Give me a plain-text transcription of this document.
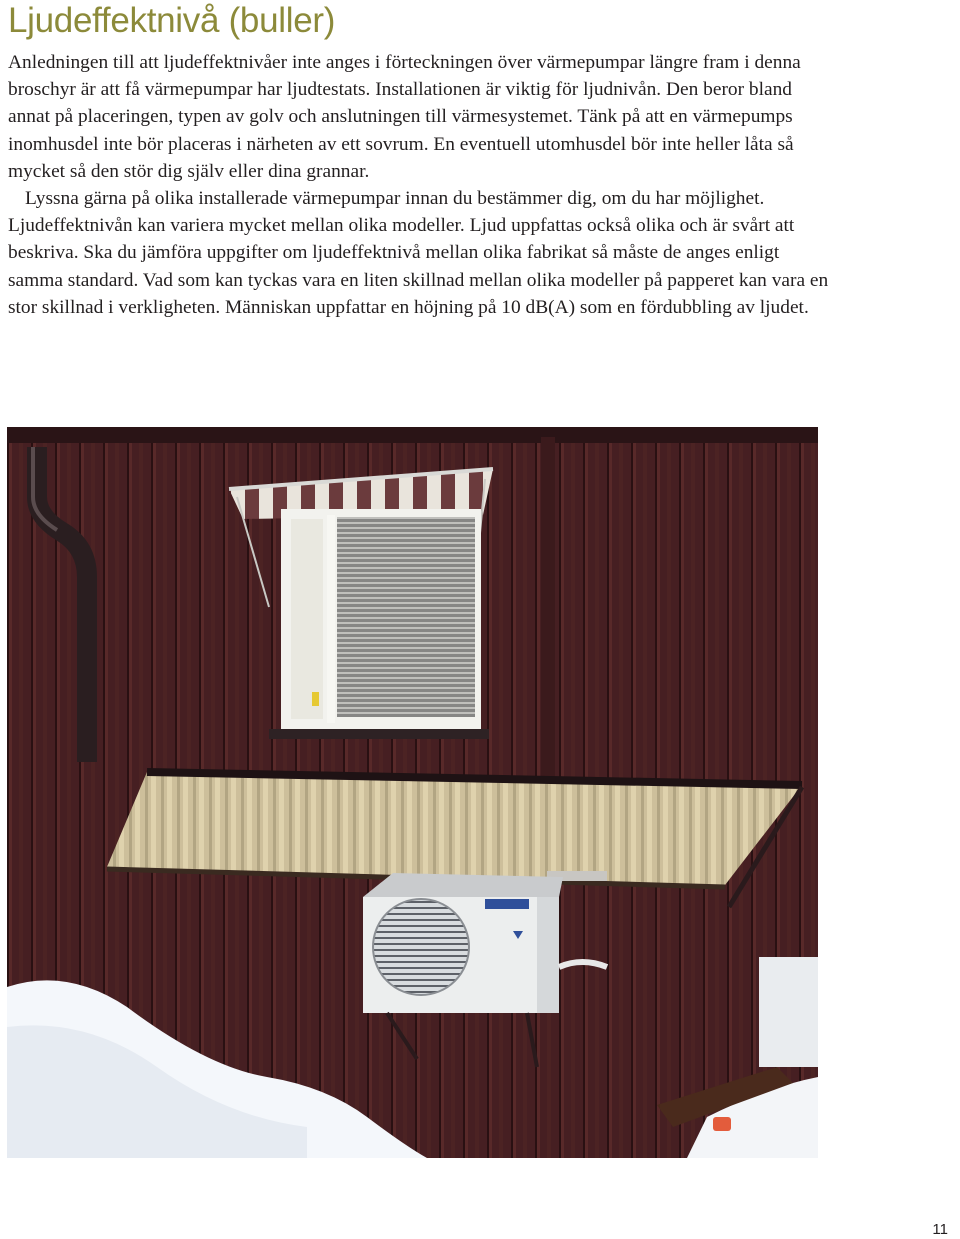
Ljudeffektnivå (buller)

Anledningen till att ljudeffektnivåer inte anges i förteckningen över värmepumpar längre fram i denna broschyr är att få värmepumpar har ljudtestats. Installationen är viktig för ljudnivån. Den beror bland annat på placeringen, typen av golv och anslutningen till värmesystemet. Tänk på att en värmepumps inomhusdel inte bör placeras i närheten av ett sovrum. En eventuell utomhusdel bör inte heller låta så mycket så den stör dig själv eller dina grannar.

Lyssna gärna på olika installerade värmepumpar innan du bestämmer dig, om du har möjlighet. Ljudeffektnivån kan variera mycket mellan olika modeller. Ljud uppfattas också olika och är svårt att beskriva. Ska du jämföra uppgifter om ljudeffektnivå mellan olika fabrikat så måste de anges enligt samma standard. Vad som kan tyckas vara en liten skillnad mellan olika modeller på papperet kan vara en stor skillnad i verkligheten. Människan uppfattar en höjning på 10 dB(A) som en fördubbling av ljudet.

11
